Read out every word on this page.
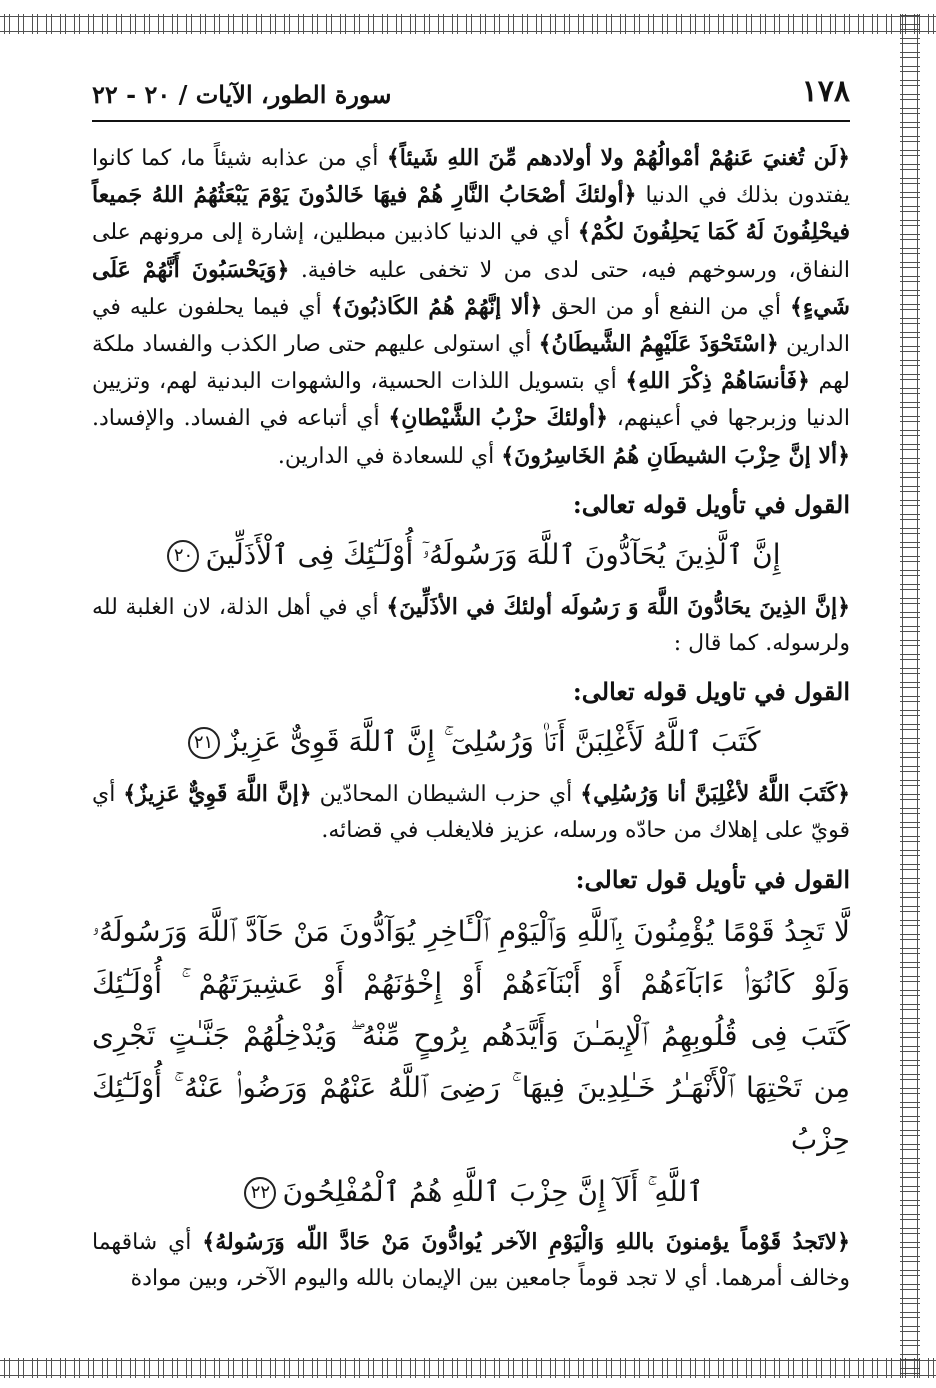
١٧٨
سورة الطور، الآيات / ٢٠ - ٢٢

﴿لَن تُغنيَ عَنهُمْ أمْوالُهُمْ ولا أولادهم مِّنَ اللهِ شَيئاً﴾ أي من عذابه شيئاً ما، كما كانوا يفتدون بذلك في الدنيا ﴿أولئكَ أصْحَابُ النَّارِ هُمْ فيهَا خَالدُونَ يَوْمَ يَبْعَثُهُمُ اللهُ جَميعاً فيحْلِفُونَ لَهُ كَمَا يَحلِفُونَ لكُمْ﴾ أي في الدنيا كاذبين مبطلين، إشارة إلى مرونهم على النفاق، ورسوخهم فيه، حتى لدى من لا تخفى عليه خافية. ﴿وَيَحْسَبُونَ أَنَّهُمْ عَلَى شَيءٍ﴾ أي من النفع أو من الحق ﴿ألا إنَّهُمْ هُمُ الكَاذبُونَ﴾ أي فيما يحلفون عليه في الدارين ﴿اسْتَحْوَذَ عَلَيْهِمُ الشَّيطَانُ﴾ أي استولى عليهم حتى صار الكذب والفساد ملكة لهم ﴿فَأنسَاهُمْ ذِكْرَ اللهِ﴾ أي بتسويل اللذات الحسية، والشهوات البدنية لهم، وتزيين الدنيا وزبرجها في أعينهم، ﴿أولئكَ حزْبُ الشَّيْطانِ﴾ أي أتباعه في الفساد. والإفساد. ﴿ألا إنَّ حِزْبَ الشيطَانِ هُمُ الخَاسِرُونَ﴾ أي للسعادة في الدارين.

القول في تأويل قوله تعالى:
إِنَّ ٱلَّذِينَ يُحَآدُّونَ ٱللَّهَ وَرَسُولَهُۥٓ أُوْلَـٰٓئِكَ فِى ٱلْأَذَلِّينَ٢٠

﴿إنَّ الذِينَ يحَادُّونَ اللَّهَ وَ رَسُولَه أولئكَ في الأذَلِّينَ﴾ أي في أهل الذلة، لان الغلبة لله ولرسوله. كما قال :

القول في تاويل قوله تعالى:
كَتَبَ ٱللَّهُ لَأَغْلِبَنَّ أَنَا۠ وَرُسُلِىٓ ۚ إِنَّ ٱللَّهَ قَوِىٌّ عَزِيزٌ٢١

﴿كَتَبَ اللَّهُ لأغْلِبَنَّ أنا وَرُسُلِي﴾ أي حزب الشيطان المحادّين ﴿إنَّ اللَّهَ قَوِيٌّ عَزِيزٌ﴾ أي قويّ على إهلاك من حادّه ورسله، عزيز فلايغلب في قضائه.

القول في تأويل قول تعالى:
لَّا تَجِدُ قَوْمًا يُؤْمِنُونَ بِٱللَّهِ وَٱلْيَوْمِ ٱلْـَٔاخِرِ يُوَآدُّونَ مَنْ حَآدَّ ٱللَّهَ وَرَسُولَهُۥ
وَلَوْ كَانُوٓا۟ ءَابَآءَهُمْ أَوْ أَبْنَآءَهُمْ أَوْ إِخْوَٰنَهُمْ أَوْ عَشِيرَتَهُمْ ۚ أُوْلَـٰٓئِكَ
كَتَبَ فِى قُلُوبِهِمُ ٱلْإِيمَـٰنَ وَأَيَّدَهُم بِرُوحٍ مِّنْهُ ۖ وَيُدْخِلُهُمْ جَنَّـٰتٍ تَجْرِى
مِن تَحْتِهَا ٱلْأَنْهَـٰرُ خَـٰلِدِينَ فِيهَا ۚ رَضِىَ ٱللَّهُ عَنْهُمْ وَرَضُوا۟ عَنْهُ ۚ أُوْلَـٰٓئِكَ حِزْبُ
ٱللَّهِ ۚ أَلَآ إِنَّ حِزْبَ ٱللَّهِ هُمُ ٱلْمُفْلِحُونَ٢٢

﴿لاتَجدُ قَوْماً يؤمنونَ باللهِ وَالْيَوْمِ الآخر يُوادُّونَ مَنْ حَادَّ اللّه وَرَسُولهُ﴾ أي شاقهما وخالف أمرهما. أي لا تجد قوماً جامعين بين الإيمان بالله واليوم الآخر، وبين موادة
